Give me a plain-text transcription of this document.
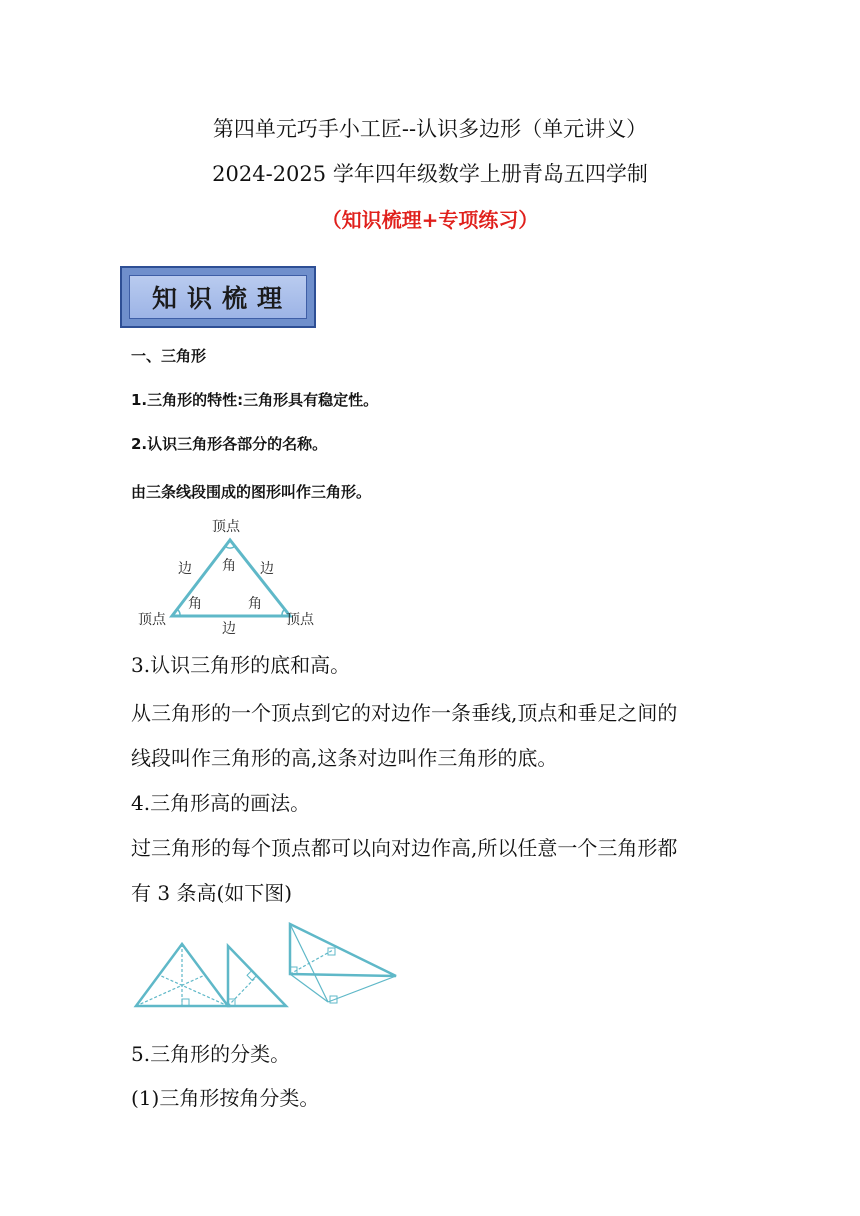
第四单元巧手小工匠--认识多边形（单元讲义）
2024-2025 学年四年级数学上册青岛五四学制
（知识梳理+专项练习）
知识梳理
一、三角形
1.三角形的特性:三角形具有稳定性。
2.认识三角形各部分的名称。
由三条线段围成的图形叫作三角形。
顶点
顶点	顶点
边	边
边
角
角	角
3.认识三角形的底和高。
从三角形的一个顶点到它的对边作一条垂线,顶点和垂足之间的
线段叫作三角形的高,这条对边叫作三角形的底。
4.三角形高的画法。
过三角形的每个顶点都可以向对边作高,所以任意一个三角形都
有 3 条高(如下图)
5.三角形的分类。
(1)三角形按角分类。
